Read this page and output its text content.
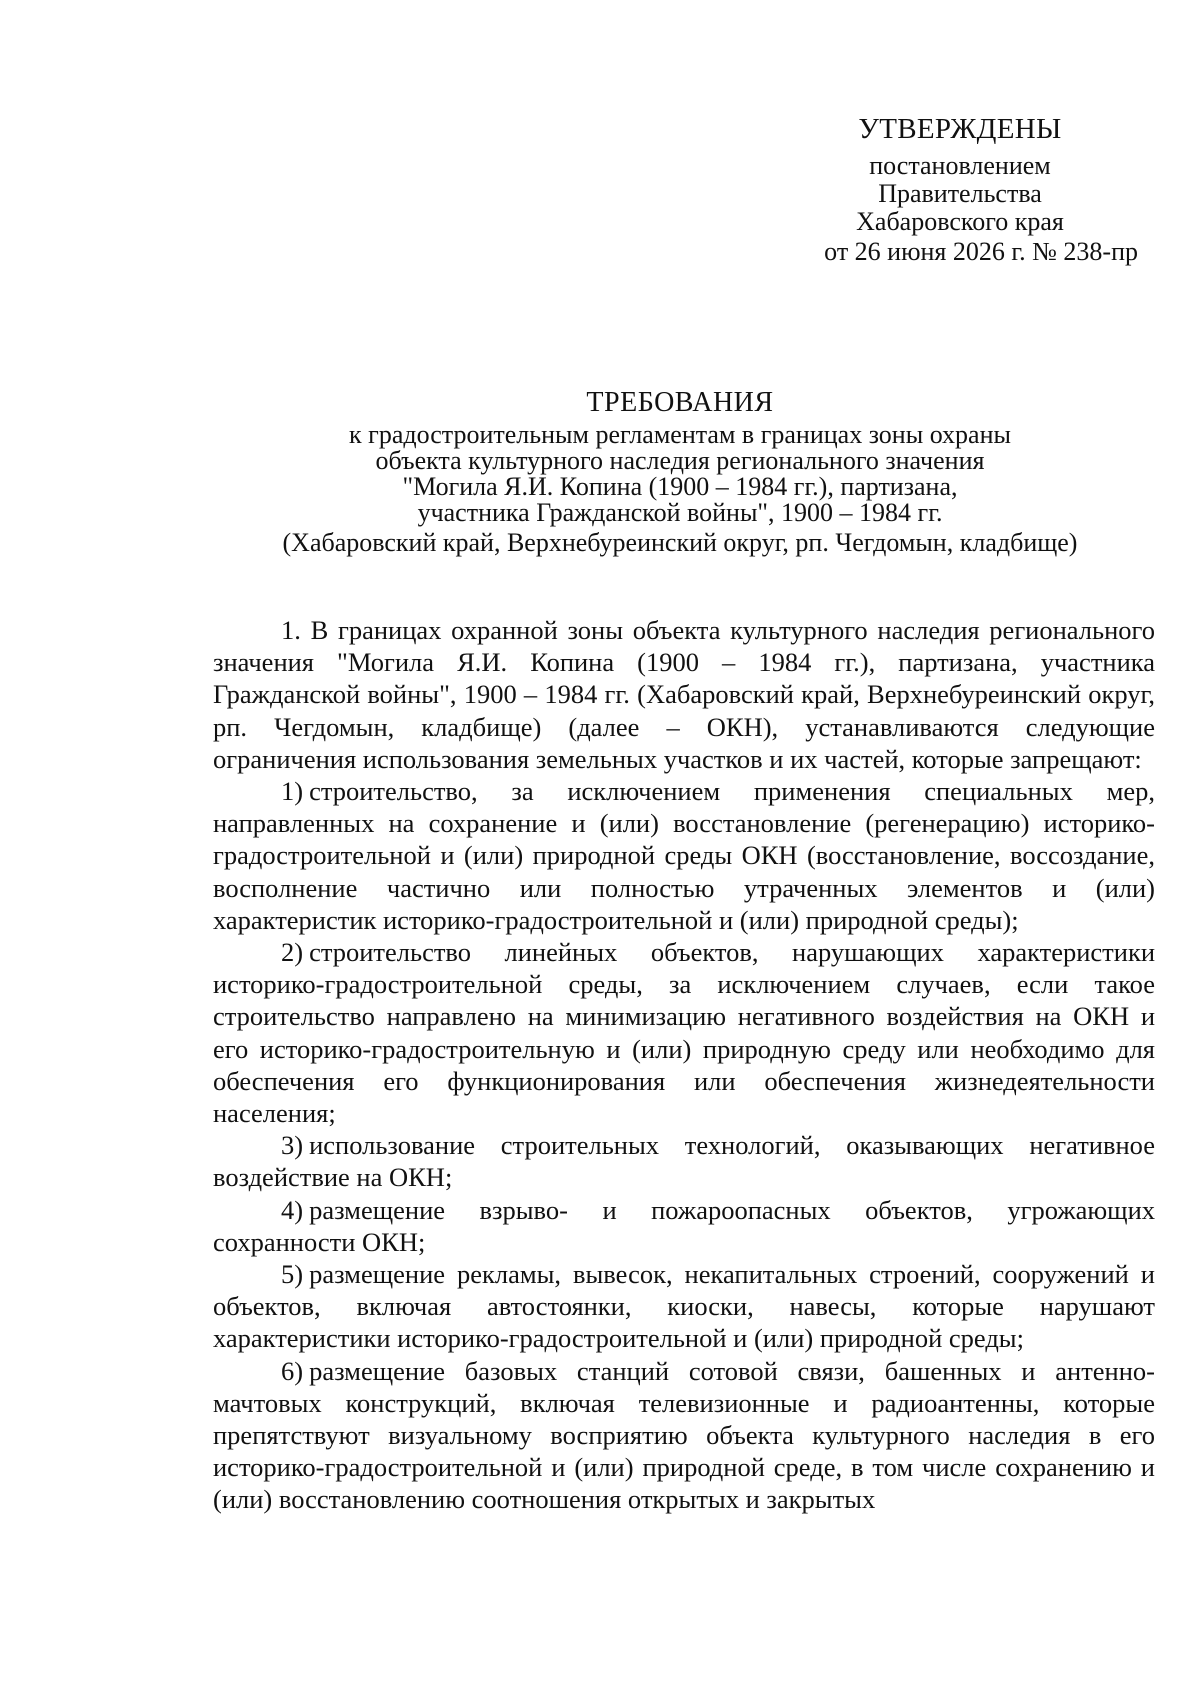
УТВЕРЖДЕНЫ
постановлением
Правительства
Хабаровского края
от 26 июня 2026 г. № 238-пр
ТРЕБОВАНИЯ
к градостроительным регламентам в границах зоны охраны
объекта культурного наследия регионального значения
"Могила Я.И. Копина (1900 – 1984 гг.), партизана,
участника Гражданской войны", 1900 – 1984 гг.
(Хабаровский край, Верхнебуреинский округ, рп. Чегдомын, кладбище)

1. В границах охранной зоны объекта культурного наследия регионального значения "Могила Я.И. Копина (1900 – 1984 гг.), партизана, участника Гражданской войны", 1900 – 1984 гг. (Хабаровский край, Верхнебуреинский округ, рп. Чегдомын, кладбище) (далее – ОКН), устанавливаются следующие ограничения использования земельных участков и их частей, которые запрещают:

1) строительство, за исключением применения специальных мер, направленных на сохранение и (или) восстановление (регенерацию) историко-градостроительной и (или) природной среды ОКН (восстановление, воссоздание, восполнение частично или полностью утраченных элементов и (или) характеристик историко-градостроительной и (или) природной среды);

2) строительство линейных объектов, нарушающих характеристики историко-градостроительной среды, за исключением случаев, если такое строительство направлено на минимизацию негативного воздействия на ОКН и его историко-градостроительную и (или) природную среду или необходимо для обеспечения его функционирования или обеспечения жизнедеятельности населения;

3) использование строительных технологий, оказывающих негативное воздействие на ОКН;

4) размещение взрыво- и пожароопасных объектов, угрожающих сохранности ОКН;

5) размещение рекламы, вывесок, некапитальных строений, сооружений и объектов, включая автостоянки, киоски, навесы, которые нарушают характеристики историко-градостроительной и (или) природной среды;

6) размещение базовых станций сотовой связи, башенных и антенно-мачтовых конструкций, включая телевизионные и радиоантенны, которые препятствуют визуальному восприятию объекта культурного наследия в его историко-градостроительной и (или) природной среде, в том числе сохранению и (или) восстановлению соотношения открытых и закрытых
